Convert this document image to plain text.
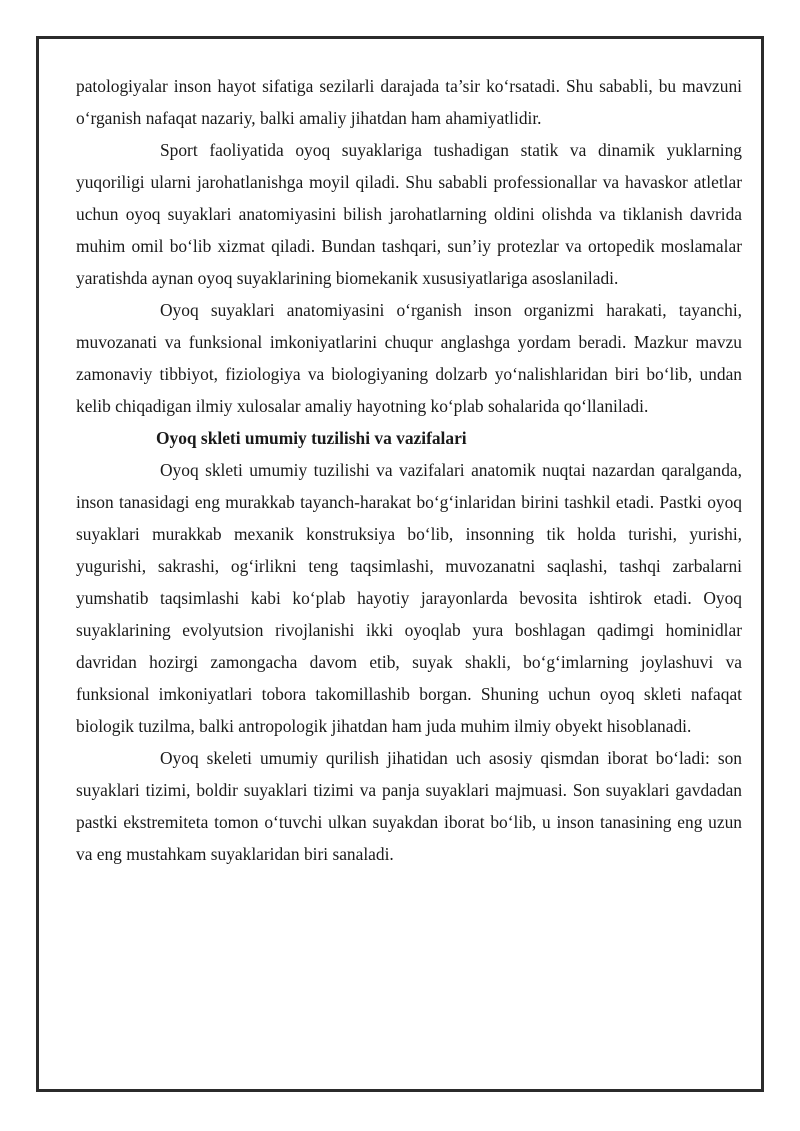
patologiyalar inson hayot sifatiga sezilarli darajada ta’sir ko‘rsatadi. Shu sababli, bu mavzuni o‘rganish nafaqat nazariy, balki amaliy jihatdan ham ahamiyatlidir.

Sport faoliyatida oyoq suyaklariga tushadigan statik va dinamik yuklarning yuqoriligi ularni jarohatlanishga moyil qiladi. Shu sababli professionallar va havaskor atletlar uchun oyoq suyaklari anatomiyasini bilish jarohatlarning oldini olishda va tiklanish davrida muhim omil bo‘lib xizmat qiladi. Bundan tashqari, sun’iy protezlar va ortopedik moslamalar yaratishda aynan oyoq suyaklarining biomekanik xususiyatlariga asoslaniladi.

Oyoq suyaklari anatomiyasini o‘rganish inson organizmi harakati, tayanchi, muvozanati va funksional imkoniyatlarini chuqur anglashga yordam beradi. Mazkur mavzu zamonaviy tibbiyot, fiziologiya va biologiyaning dolzarb yo‘nalishlaridan biri bo‘lib, undan kelib chiqadigan ilmiy xulosalar amaliy hayotning ko‘plab sohalarida qo‘llaniladi.

Oyoq skleti umumiy tuzilishi va vazifalari

Oyoq skleti umumiy tuzilishi va vazifalari anatomik nuqtai nazardan qaralganda, inson tanasidagi eng murakkab tayanch-harakat bo‘g‘inlaridan birini tashkil etadi. Pastki oyoq suyaklari murakkab mexanik konstruksiya bo‘lib, insonning tik holda turishi, yurishi, yugurishi, sakrashi, og‘irlikni teng taqsimlashi, muvozanatni saqlashi, tashqi zarbalarni yumshatib taqsimlashi kabi ko‘plab hayotiy jarayonlarda bevosita ishtirok etadi. Oyoq suyaklarining evolyutsion rivojlanishi ikki oyoqlab yura boshlagan qadimgi hominidlar davridan hozirgi zamongacha davom etib, suyak shakli, bo‘g‘imlarning joylashuvi va funksional imkoniyatlari tobora takomillashib borgan. Shuning uchun oyoq skleti nafaqat biologik tuzilma, balki antropologik jihatdan ham juda muhim ilmiy obyekt hisoblanadi.

Oyoq skeleti umumiy qurilish jihatidan uch asosiy qismdan iborat bo‘ladi: son suyaklari tizimi, boldir suyaklari tizimi va panja suyaklari majmuasi. Son suyaklari gavdadan pastki ekstremiteta tomon o‘tuvchi ulkan suyakdan iborat bo‘lib, u inson tanasining eng uzun va eng mustahkam suyaklaridan biri sanaladi.
